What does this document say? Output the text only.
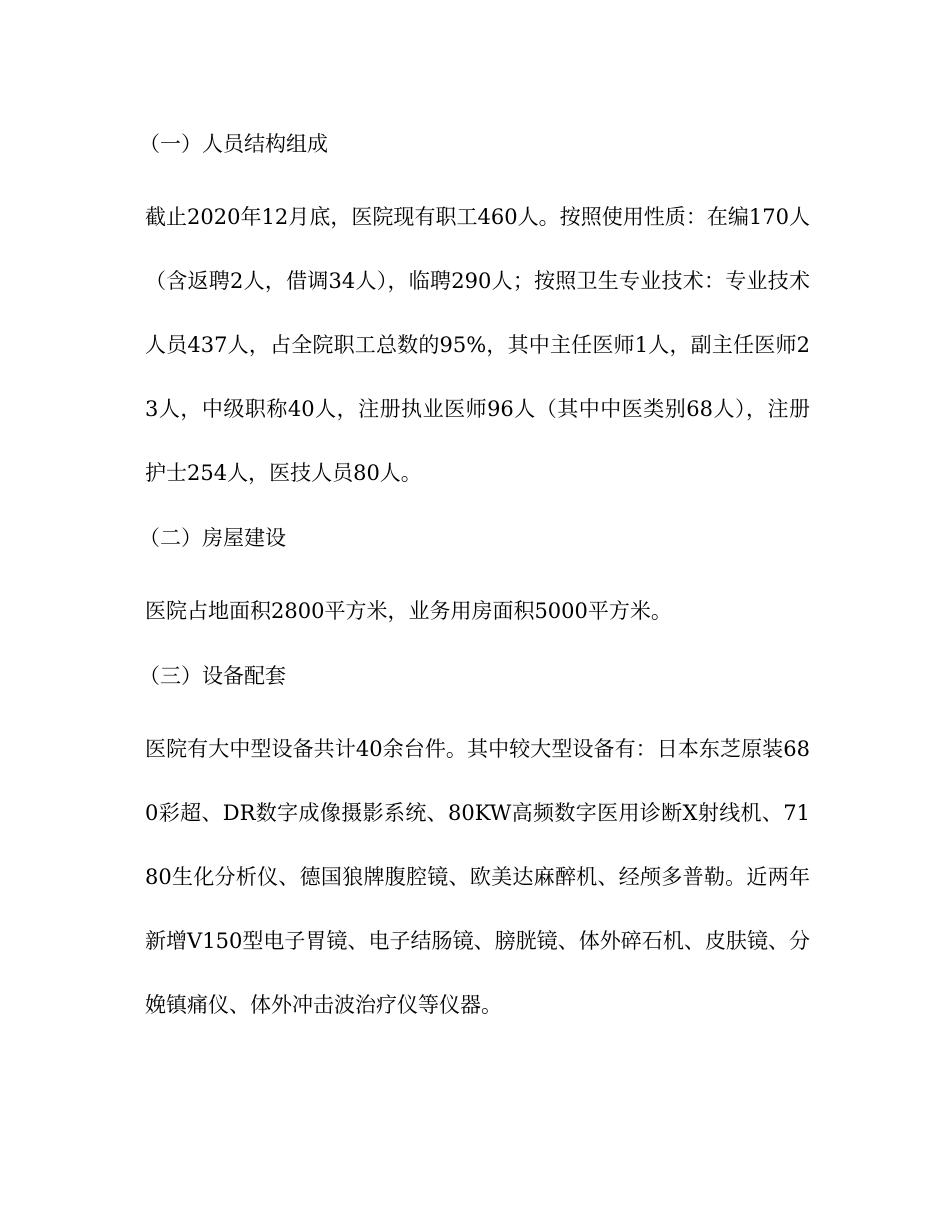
（一）人员结构组成
截止2020年12月底，医院现有职工460人。按照使用性质：在编170人（含返聘2人，借调34人），临聘290人；按照卫生专业技术：专业技术人员437人，占全院职工总数的95%，其中主任医师1人，副主任医师23人，中级职称40人，注册执业医师96人（其中中医类别68人），注册护士254人，医技人员80人。
（二）房屋建设
医院占地面积2800平方米，业务用房面积5000平方米。
（三）设备配套
医院有大中型设备共计40余台件。其中较大型设备有：日本东芝原装680彩超、DR数字成像摄影系统、80KW高频数字医用诊断X射线机、7180生化分析仪、德国狼牌腹腔镜、欧美达麻醉机、经颅多普勒。近两年新增V150型电子胃镜、电子结肠镜、膀胱镜、体外碎石机、皮肤镜、分娩镇痛仪、体外冲击波治疗仪等仪器。
